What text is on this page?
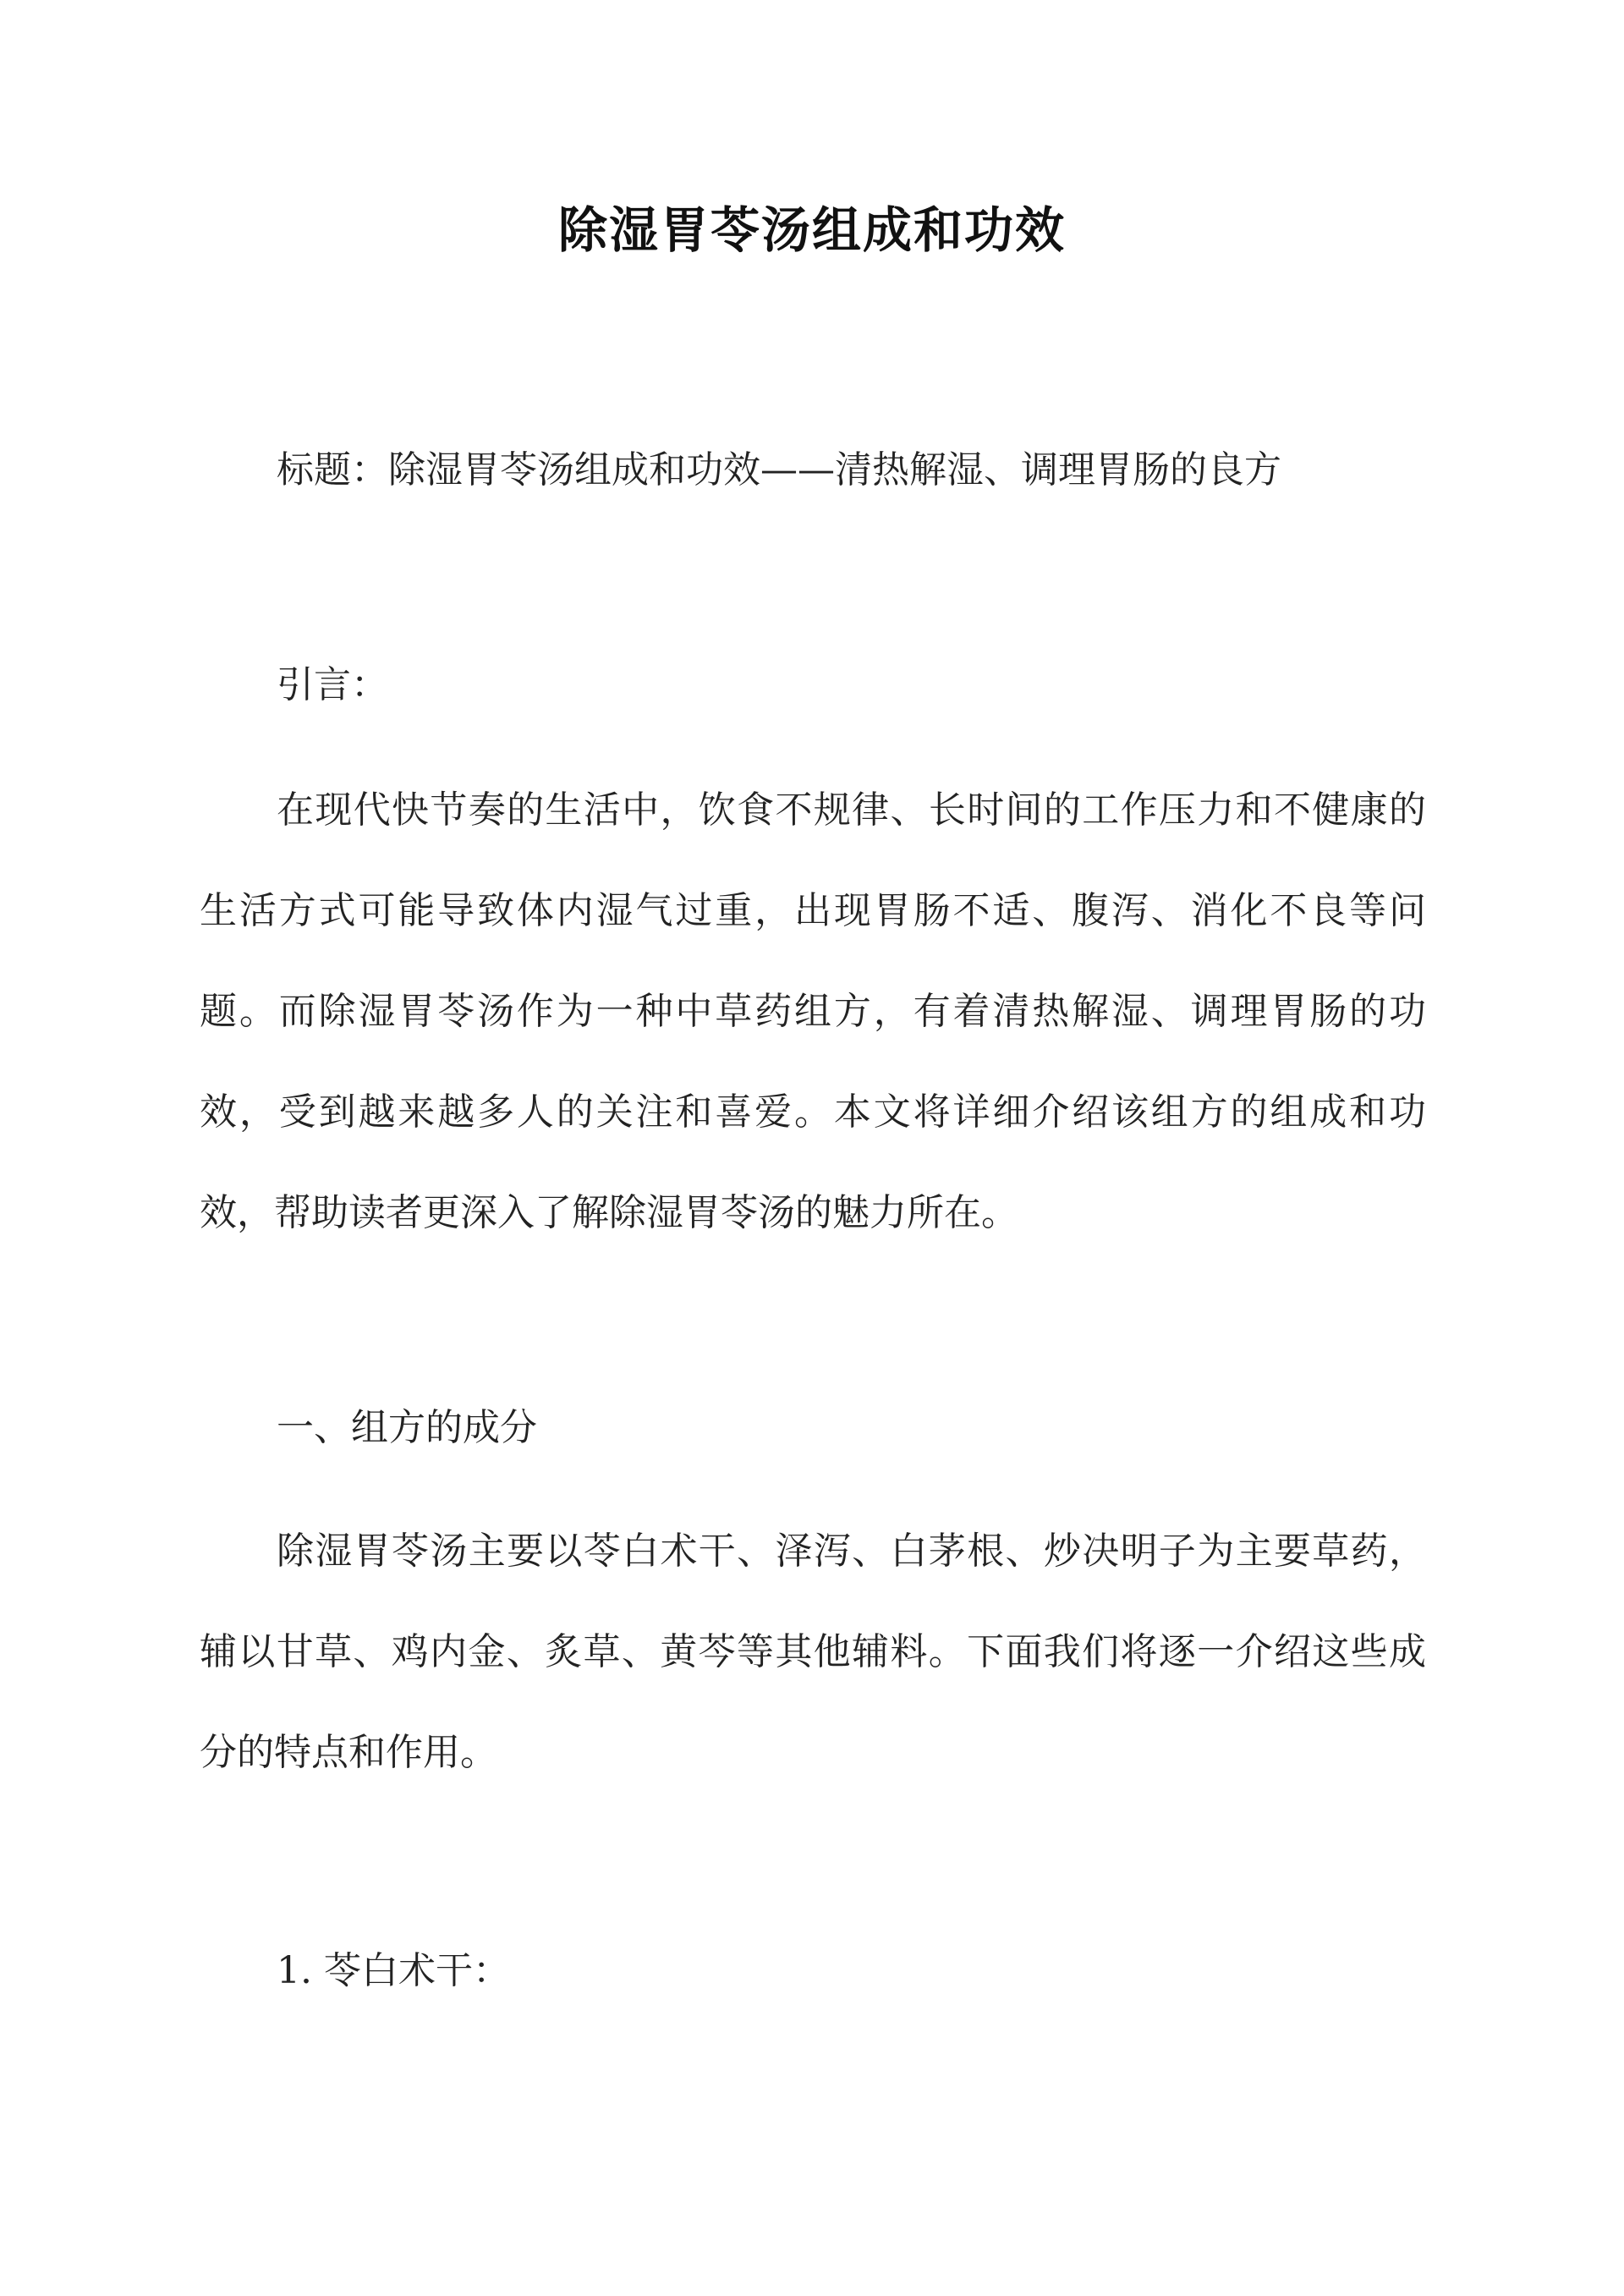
除湿胃苓汤组成和功效
标题：除湿胃苓汤组成和功效——清热解湿、调理胃肠的良方
引言：

在现代快节奏的生活中，饮食不规律、长时间的工作压力和不健康的生活方式可能导致体内湿气过重，出现胃肠不适、腹泻、消化不良等问题。而除湿胃苓汤作为一种中草药组方，有着清热解湿、调理胃肠的功效，受到越来越多人的关注和喜爱。本文将详细介绍该组方的组成和功效，帮助读者更深入了解除湿胃苓汤的魅力所在。

一、组方的成分

除湿胃苓汤主要以苓白术干、泽泻、白茅根、炒决明子为主要草药，辅以甘草、鸡内金、炙草、黄芩等其他辅料。下面我们将逐一介绍这些成分的特点和作用。

1. 苓白术干：
